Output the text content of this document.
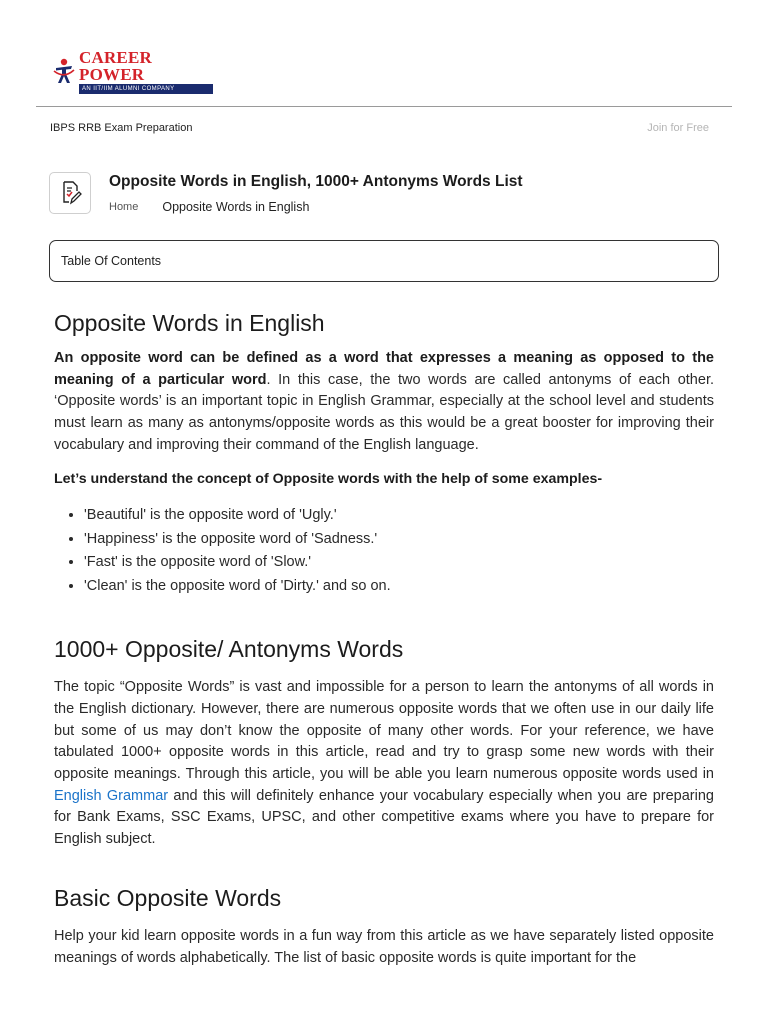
CAREER POWER
AN IIT/IIM ALUMNI COMPANY
IBPS RRB Exam Preparation	Join for Free
Opposite Words in English, 1000+ Antonyms Words List
Home Opposite Words in English
Table Of Contents
Opposite Words in English

An opposite word can be defined as a word that expresses a meaning as opposed to the meaning of a particular word. In this case, the two words are called antonyms of each other. ‘Opposite words’ is an important topic in English Grammar, especially at the school level and students must learn as many as antonyms/opposite words as this would be a great booster for improving their vocabulary and improving their command of the English language.

Let’s understand the concept of Opposite words with the help of some examples-

• 'Beautiful' is the opposite word of 'Ugly.'
• 'Happiness' is the opposite word of 'Sadness.'
• 'Fast' is the opposite word of 'Slow.'
• 'Clean' is the opposite word of 'Dirty.' and so on.
1000+ Opposite/ Antonyms Words

The topic “Opposite Words” is vast and impossible for a person to learn the antonyms of all words in the English dictionary. However, there are numerous opposite words that we often use in our daily life but some of us may don’t know the opposite of many other words. For your reference, we have tabulated 1000+ opposite words in this article, read and try to grasp some new words with their opposite meanings. Through this article, you will be able you learn numerous opposite words used in English Grammar and this will definitely enhance your vocabulary especially when you are preparing for Bank Exams, SSC Exams, UPSC, and other competitive exams where you have to prepare for English subject.

Basic Opposite Words

Help your kid learn opposite words in a fun way from this article as we have separately listed opposite meanings of words alphabetically. The list of basic opposite words is quite important for the
